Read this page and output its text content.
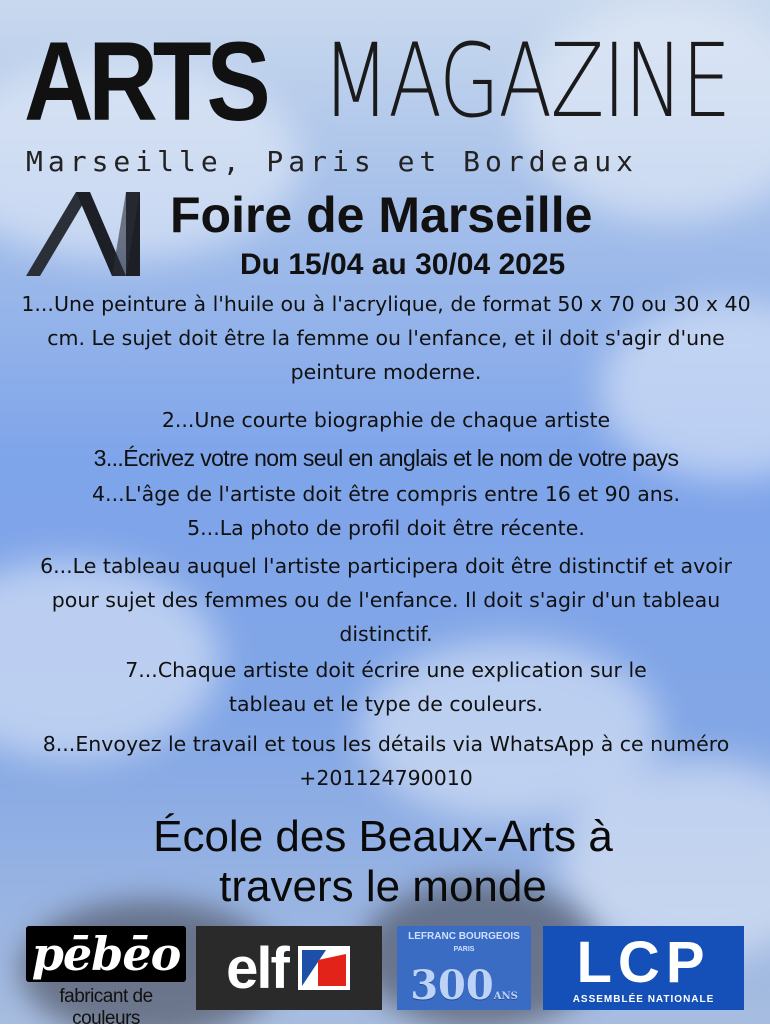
ARTS MAGAZINE
Marseille, Paris et Bordeaux
Foire de Marseille
Du 15/04 au 30/04 2025

1...Une peinture à l'huile ou à l'acrylique, de format 50 x 70 ou 30 x 40 cm. Le sujet doit être la femme ou l'enfance, et il doit s'agir d'une peinture moderne.

2...Une courte biographie de chaque artiste

3...Écrivez votre nom seul en anglais et le nom de votre pays

4...L'âge de l'artiste doit être compris entre 16 et 90 ans.

5...La photo de profil doit être récente.

6...Le tableau auquel l'artiste participera doit être distinctif et avoir pour sujet des femmes ou de l'enfance. Il doit s'agir d'un tableau distinctif.

7...Chaque artiste doit écrire une explication sur le tableau et le type de couleurs.

8...Envoyez le travail et tous les détails via WhatsApp à ce numéro +201124790010

École des Beaux-Arts à travers le monde
pēbēo
fabricant de couleurs
elf	LEFRANC BOURGEOIS
PARIS
300ANS
LCP
ASSEMBLÉE NATIONALE
